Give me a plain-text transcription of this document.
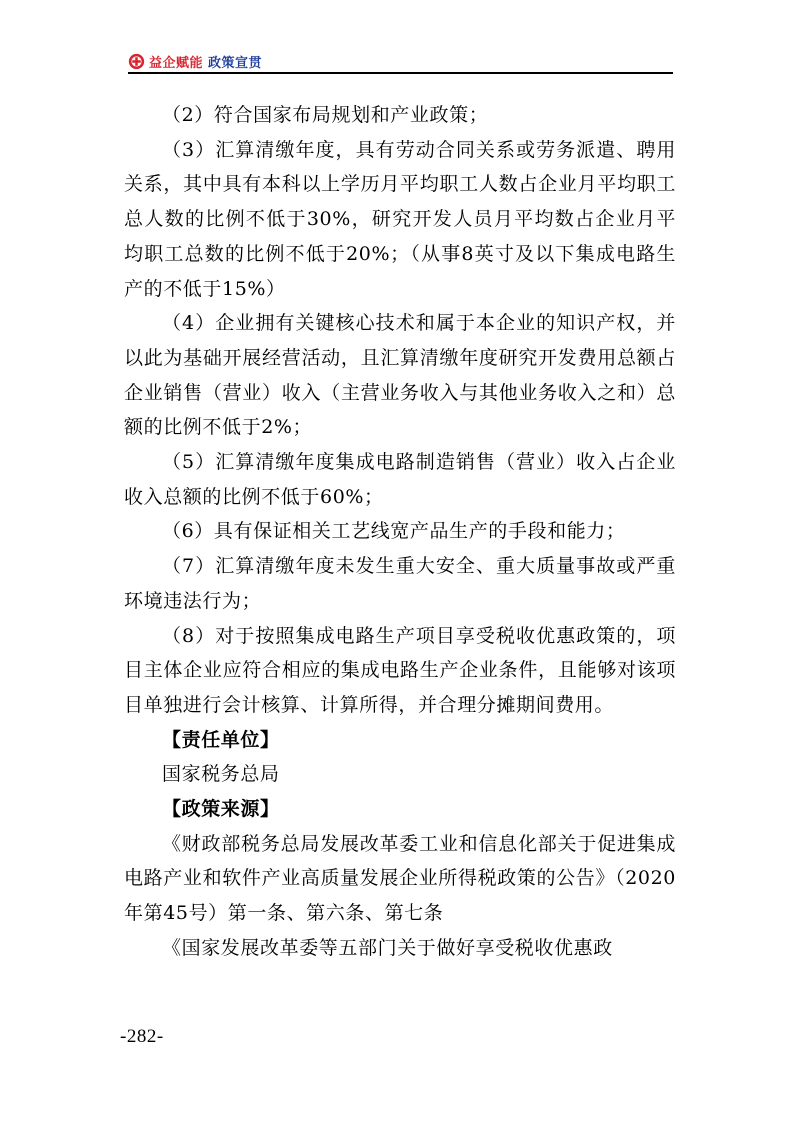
益企赋能 政策宣贯

（2）符合国家布局规划和产业政策；

（3）汇算清缴年度，具有劳动合同关系或劳务派遣、聘用关系，其中具有本科以上学历月平均职工人数占企业月平均职工总人数的比例不低于30%，研究开发人员月平均数占企业月平均职工总数的比例不低于20%；（从事8英寸及以下集成电路生产的不低于15%）

（4）企业拥有关键核心技术和属于本企业的知识产权，并以此为基础开展经营活动，且汇算清缴年度研究开发费用总额占企业销售（营业）收入（主营业务收入与其他业务收入之和）总额的比例不低于2%；

（5）汇算清缴年度集成电路制造销售（营业）收入占企业收入总额的比例不低于60%；

（6）具有保证相关工艺线宽产品生产的手段和能力；

（7）汇算清缴年度未发生重大安全、重大质量事故或严重环境违法行为；

（8）对于按照集成电路生产项目享受税收优惠政策的，项目主体企业应符合相应的集成电路生产企业条件，且能够对该项目单独进行会计核算、计算所得，并合理分摊期间费用。

【责任单位】

国家税务总局

【政策来源】

《财政部税务总局发展改革委工业和信息化部关于促进集成电路产业和软件产业高质量发展企业所得税政策的公告》（2020年第45号）第一条、第六条、第七条

《国家发展改革委等五部门关于做好享受税收优惠政

-282-
